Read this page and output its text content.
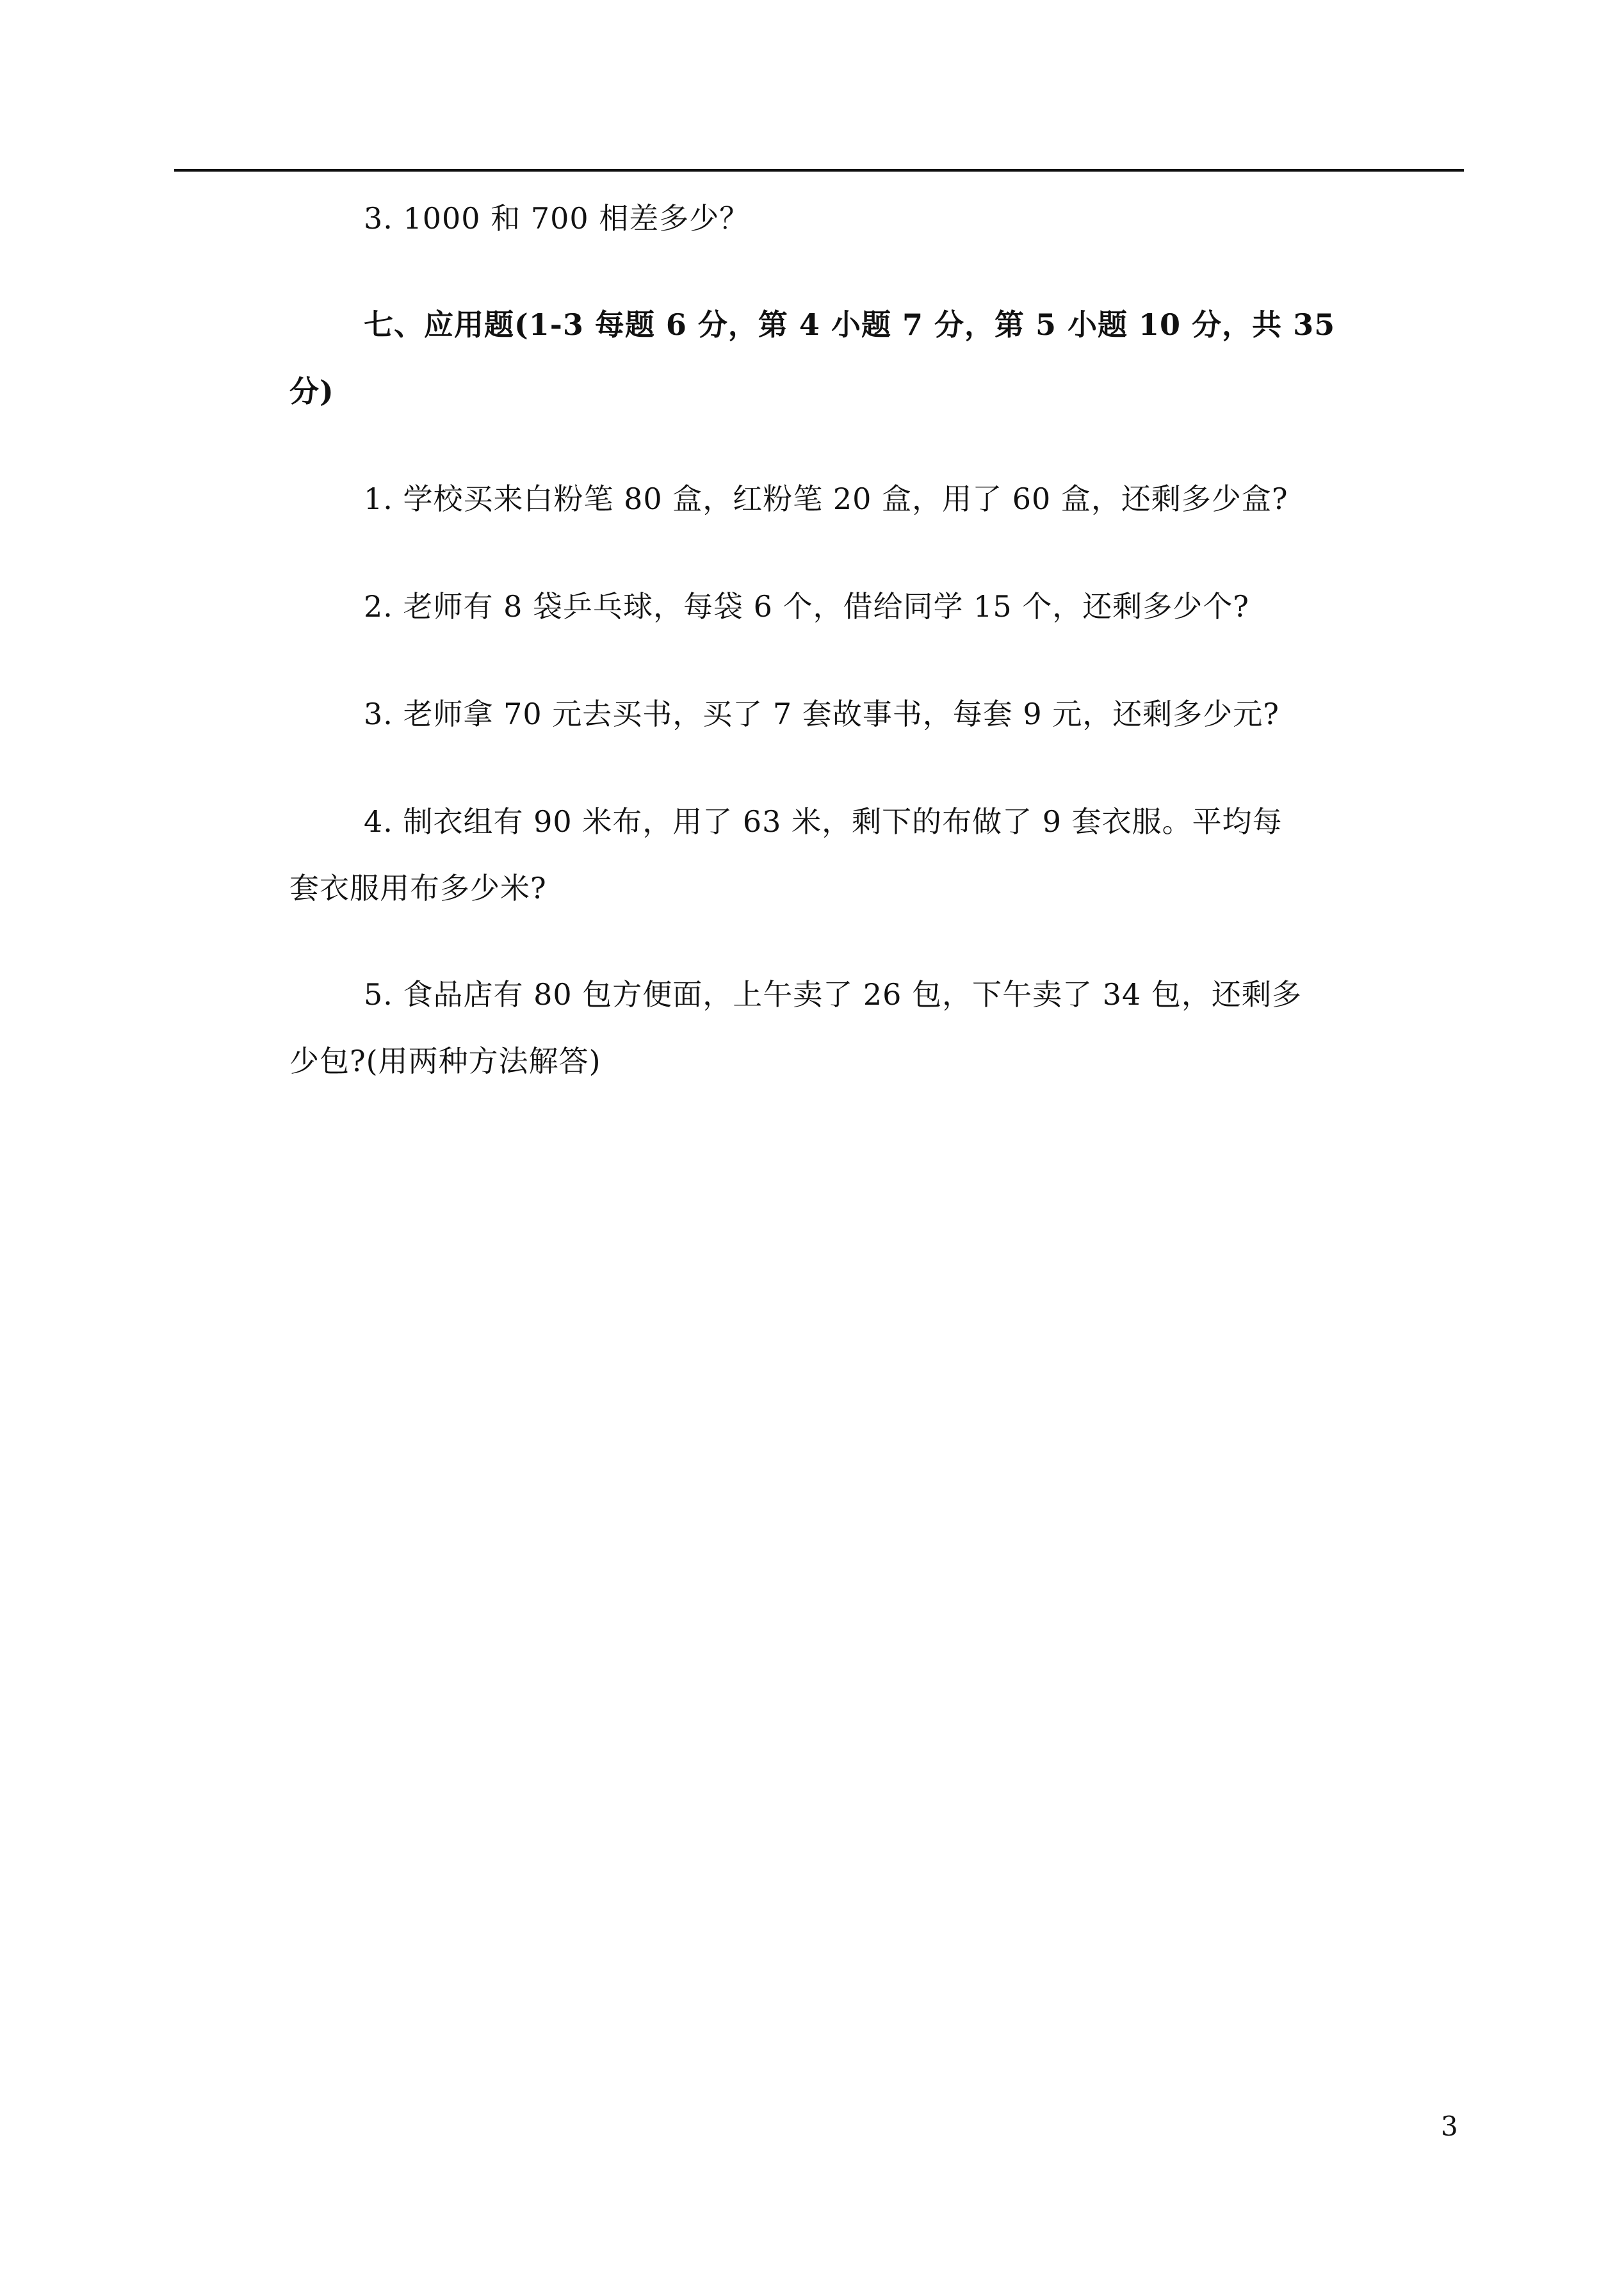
3. 1000 和 700 相差多少？
七、应用题(1-3 每题 6 分，第 4 小题 7 分，第 5 小题 10 分，共 35
分)
1. 学校买来白粉笔 80 盒，红粉笔 20 盒，用了 60 盒，还剩多少盒?
2. 老师有 8 袋乒乓球，每袋 6 个，借给同学 15 个，还剩多少个?
3. 老师拿 70 元去买书，买了 7 套故事书，每套 9 元，还剩多少元?
4. 制衣组有 90 米布，用了 63 米，剩下的布做了 9 套衣服。平均每
套衣服用布多少米?
5. 食品店有 80 包方便面，上午卖了 26 包，下午卖了 34 包，还剩多
少包?(用两种方法解答)
3
